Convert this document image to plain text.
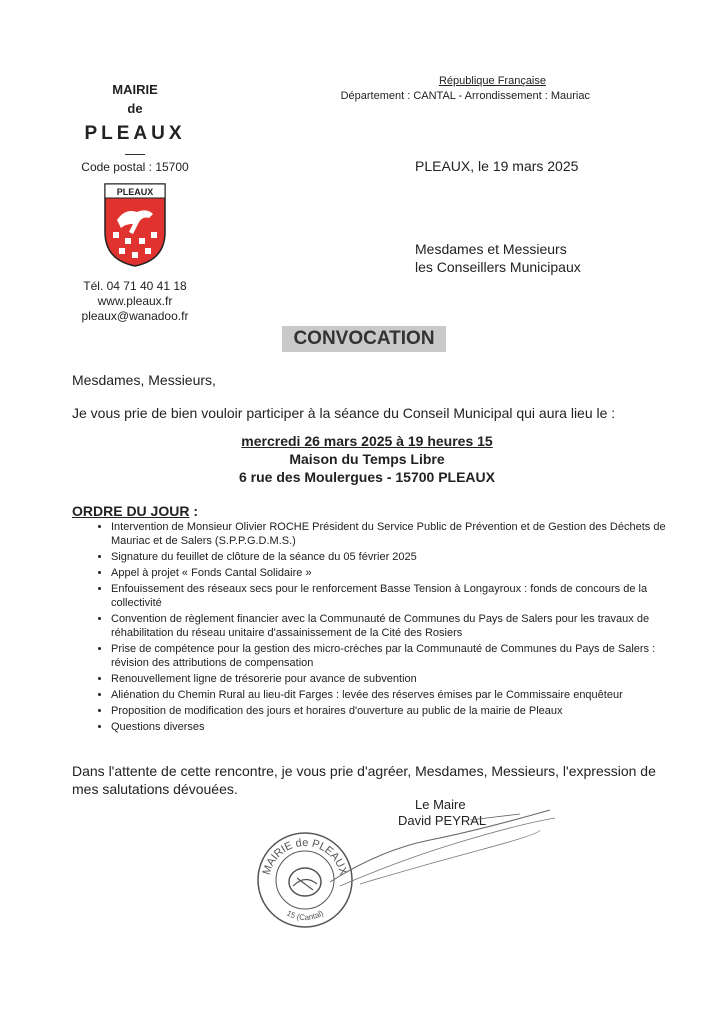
MAIRIE
de
PLEAUX
Code postal : 15700
PLEAUX
Tél. 04 71 40 41 18
www.pleaux.fr
pleaux@wanadoo.fr
République Française
Département : CANTAL - Arrondissement : Mauriac
PLEAUX, le 19 mars 2025
Mesdames et Messieurs
les Conseillers Municipaux
CONVOCATION
Mesdames, Messieurs,
Je vous prie de bien vouloir participer à la séance du Conseil Municipal qui aura lieu le :
mercredi 26 mars 2025 à 19 heures 15
Maison du Temps Libre
6 rue des Moulergues - 15700 PLEAUX
ORDRE DU JOUR :
• Intervention de Monsieur Olivier ROCHE Président du Service Public de Prévention et de Gestion des Déchets de Mauriac et de Salers (S.P.P.G.D.M.S.)
• Signature du feuillet de clôture de la séance du 05 février 2025
• Appel à projet « Fonds Cantal Solidaire »
• Enfouissement des réseaux secs pour le renforcement Basse Tension à Longayroux : fonds de concours de la collectivité
• Convention de règlement financier avec la Communauté de Communes du Pays de Salers pour les travaux de réhabilitation du réseau unitaire d'assainissement de la Cité des Rosiers
• Prise de compétence pour la gestion des micro-crèches par la Communauté de Communes du Pays de Salers : révision des attributions de compensation
• Renouvellement ligne de trésorerie pour avance de subvention
• Aliénation du Chemin Rural au lieu-dit Farges : levée des réserves émises par le Commissaire enquêteur
• Proposition de modification des jours et horaires d'ouverture au public de la mairie de Pleaux
• Questions diverses
Dans l'attente de cette rencontre, je vous prie d'agréer, Mesdames, Messieurs, l'expression de mes salutations dévouées.
Le Maire
David PEYRAL
MAIRIE de PLEAUX
15 (Cantal)
